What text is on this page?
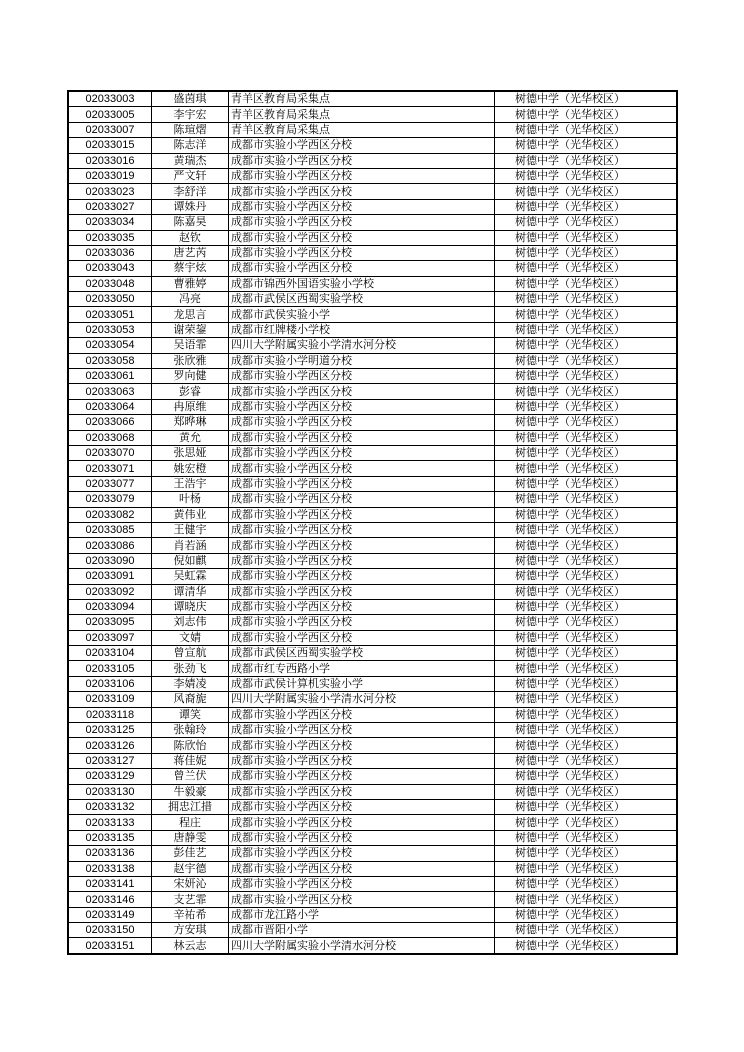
02033003	盛茵琪	青羊区教育局采集点	树德中学（光华校区）
02033005	李宇宏	青羊区教育局采集点	树德中学（光华校区）
02033007	陈瑄熠	青羊区教育局采集点	树德中学（光华校区）
02033015	陈志洋	成都市实验小学西区分校	树德中学（光华校区）
02033016	黄瑞杰	成都市实验小学西区分校	树德中学（光华校区）
02033019	严文轩	成都市实验小学西区分校	树德中学（光华校区）
02033023	李舒洋	成都市实验小学西区分校	树德中学（光华校区）
02033027	谭姝丹	成都市实验小学西区分校	树德中学（光华校区）
02033034	陈嘉昊	成都市实验小学西区分校	树德中学（光华校区）
02033035	赵钦	成都市实验小学西区分校	树德中学（光华校区）
02033036	唐艺芮	成都市实验小学西区分校	树德中学（光华校区）
02033043	蔡宇炫	成都市实验小学西区分校	树德中学（光华校区）
02033048	曹雅婷	成都市锦西外国语实验小学校	树德中学（光华校区）
02033050	冯亮	成都市武侯区西蜀实验学校	树德中学（光华校区）
02033051	龙思言	成都市武侯实验小学	树德中学（光华校区）
02033053	谢荣鋆	成都市红牌楼小学校	树德中学（光华校区）
02033054	吴语霏	四川大学附属实验小学清水河分校	树德中学（光华校区）
02033058	张欣雅	成都市实验小学明道分校	树德中学（光华校区）
02033061	罗向健	成都市实验小学西区分校	树德中学（光华校区）
02033063	彭睿	成都市实验小学西区分校	树德中学（光华校区）
02033064	冉原维	成都市实验小学西区分校	树德中学（光华校区）
02033066	郑晔琳	成都市实验小学西区分校	树德中学（光华校区）
02033068	黄允	成都市实验小学西区分校	树德中学（光华校区）
02033070	张思娅	成都市实验小学西区分校	树德中学（光华校区）
02033071	姚宏橙	成都市实验小学西区分校	树德中学（光华校区）
02033077	王浩宇	成都市实验小学西区分校	树德中学（光华校区）
02033079	叶杨	成都市实验小学西区分校	树德中学（光华校区）
02033082	黄伟业	成都市实验小学西区分校	树德中学（光华校区）
02033085	王健宇	成都市实验小学西区分校	树德中学（光华校区）
02033086	肖若涵	成都市实验小学西区分校	树德中学（光华校区）
02033090	倪如麒	成都市实验小学西区分校	树德中学（光华校区）
02033091	吴虹霖	成都市实验小学西区分校	树德中学（光华校区）
02033092	谭清华	成都市实验小学西区分校	树德中学（光华校区）
02033094	谭晓庆	成都市实验小学西区分校	树德中学（光华校区）
02033095	刘志伟	成都市实验小学西区分校	树德中学（光华校区）
02033097	文婧	成都市实验小学西区分校	树德中学（光华校区）
02033104	曾宣航	成都市武侯区西蜀实验学校	树德中学（光华校区）
02033105	张劲飞	成都市红专西路小学	树德中学（光华校区）
02033106	李婧凌	成都市武侯计算机实验小学	树德中学（光华校区）
02033109	风裔旎	四川大学附属实验小学清水河分校	树德中学（光华校区）
02033118	谭笑	成都市实验小学西区分校	树德中学（光华校区）
02033125	张翰玲	成都市实验小学西区分校	树德中学（光华校区）
02033126	陈欣怡	成都市实验小学西区分校	树德中学（光华校区）
02033127	蒋佳妮	成都市实验小学西区分校	树德中学（光华校区）
02033129	曾兰伏	成都市实验小学西区分校	树德中学（光华校区）
02033130	牛毅豪	成都市实验小学西区分校	树德中学（光华校区）
02033132	拥忠江措	成都市实验小学西区分校	树德中学（光华校区）
02033133	程庄	成都市实验小学西区分校	树德中学（光华校区）
02033135	唐静雯	成都市实验小学西区分校	树德中学（光华校区）
02033136	彭佳艺	成都市实验小学西区分校	树德中学（光华校区）
02033138	赵宇德	成都市实验小学西区分校	树德中学（光华校区）
02033141	宋妍沁	成都市实验小学西区分校	树德中学（光华校区）
02033146	支艺霏	成都市实验小学西区分校	树德中学（光华校区）
02033149	辛祐希	成都市龙江路小学	树德中学（光华校区）
02033150	方安琪	成都市晋阳小学	树德中学（光华校区）
02033151	林云志	四川大学附属实验小学清水河分校	树德中学（光华校区）
